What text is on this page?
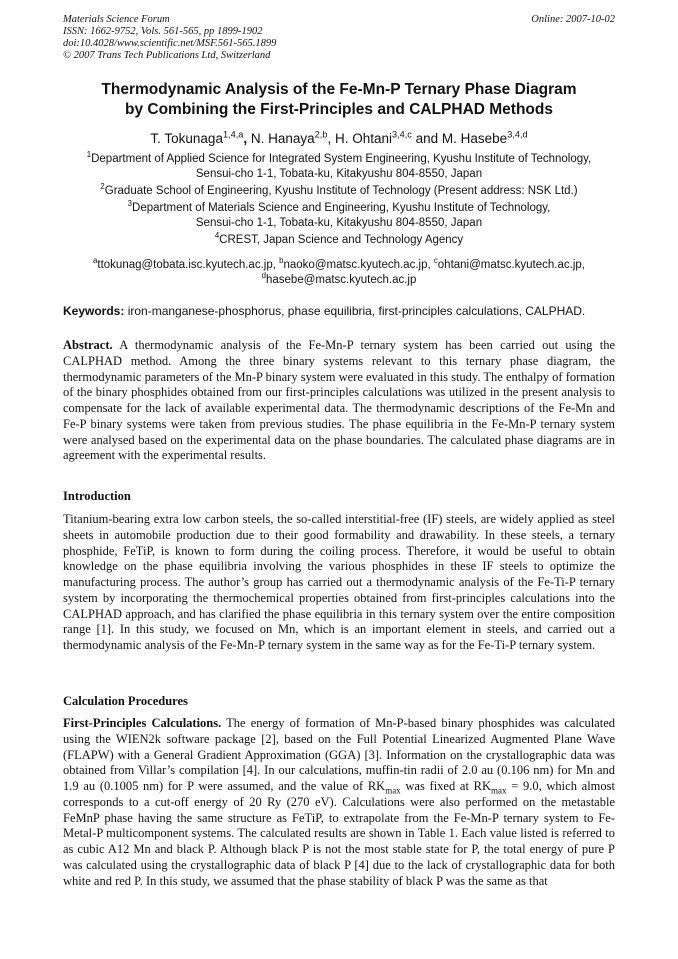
Materials Science Forum
ISSN: 1662-9752, Vols. 561-565, pp 1899-1902
doi:10.4028/www.scientific.net/MSF.561-565.1899
© 2007 Trans Tech Publications Ltd, Switzerland
Online: 2007-10-02
Thermodynamic Analysis of the Fe-Mn-P Ternary Phase Diagram
by Combining the First-Principles and CALPHAD Methods
T. Tokunaga$^{1,4,a}$, N. Hanaya$^{2,b}$, H. Ohtani$^{3,4,c}$ and M. Hasebe$^{3,4,d}$
$^1$Department of Applied Science for Integrated System Engineering, Kyushu Institute of Technology,
Sensui-cho 1-1, Tobata-ku, Kitakyushu 804-8550, Japan
$^2$Graduate School of Engineering, Kyushu Institute of Technology (Present address: NSK Ltd.)
$^3$Department of Materials Science and Engineering, Kyushu Institute of Technology,
Sensui-cho 1-1, Tobata-ku, Kitakyushu 804-8550, Japan
$^4$CREST, Japan Science and Technology Agency
$^a$ttokunag@tobata.isc.kyutech.ac.jp, $^b$naoko@matsc.kyutech.ac.jp, $^c$ohtani@matsc.kyutech.ac.jp,
$^d$hasebe@matsc.kyutech.ac.jp
Keywords: iron-manganese-phosphorus, phase equilibria, first-principles calculations, CALPHAD.
Abstract. A thermodynamic analysis of the Fe-Mn-P ternary system has been carried out using the CALPHAD method. Among the three binary systems relevant to this ternary phase diagram, the thermodynamic parameters of the Mn-P binary system were evaluated in this study. The enthalpy of formation of the binary phosphides obtained from our first-principles calculations was utilized in the present analysis to compensate for the lack of available experimental data. The thermodynamic descriptions of the Fe-Mn and Fe-P binary systems were taken from previous studies. The phase equilibria in the Fe-Mn-P ternary system were analysed based on the experimental data on the phase boundaries. The calculated phase diagrams are in agreement with the experimental results.
Introduction
Titanium-bearing extra low carbon steels, the so-called interstitial-free (IF) steels, are widely applied as steel sheets in automobile production due to their good formability and drawability. In these steels, a ternary phosphide, FeTiP, is known to form during the coiling process. Therefore, it would be useful to obtain knowledge on the phase equilibria involving the various phosphides in these IF steels to optimize the manufacturing process. The author’s group has carried out a thermodynamic analysis of the Fe-Ti-P ternary system by incorporating the thermochemical properties obtained from first-principles calculations into the CALPHAD approach, and has clarified the phase equilibria in this ternary system over the entire composition range [1]. In this study, we focused on Mn, which is an important element in steels, and carried out a thermodynamic analysis of the Fe-Mn-P ternary system in the same way as for the Fe-Ti-P ternary system.
Calculation Procedures
First-Principles Calculations. The energy of formation of Mn-P-based binary phosphides was calculated using the WIEN2k software package [2], based on the Full Potential Linearized Augmented Plane Wave (FLAPW) with a General Gradient Approximation (GGA) [3]. Information on the crystallographic data was obtained from Villar’s compilation [4]. In our calculations, muffin-tin radii of 2.0 au (0.106 nm) for Mn and 1.9 au (0.1005 nm) for P were assumed, and the value of $RK_{max}$ was fixed at $RK_{max} = 9.0$, which almost corresponds to a cut-off energy of 20 Ry (270 eV). Calculations were also performed on the metastable FeMnP phase having the same structure as FeTiP, to extrapolate from the Fe-Mn-P ternary system to Fe-Metal-P multicomponent systems. The calculated results are shown in Table 1. Each value listed is referred to as cubic A12 Mn and black P. Although black P is not the most stable state for P, the total energy of pure P was calculated using the crystallographic data of black P [4] due to the lack of crystallographic data for both white and red P. In this study, we assumed that the phase stability of black P was the same as that
